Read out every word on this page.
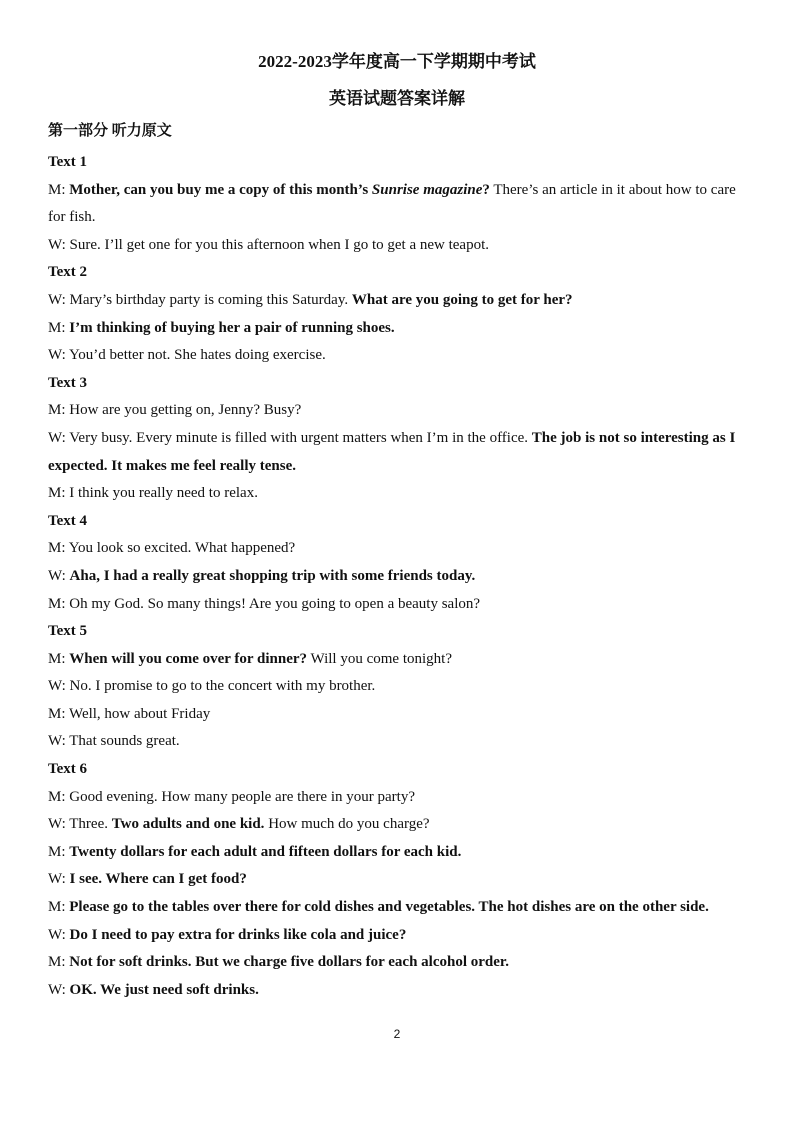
2022-2023学年度高一下学期期中考试
英语试题答案详解
第一部分 听力原文

Text 1

M: Mother, can you buy me a copy of this month’s Sunrise magazine? There’s an article in it about how to care for fish.

W: Sure. I’ll get one for you this afternoon when I go to get a new teapot.

Text 2

W: Mary’s birthday party is coming this Saturday. What are you going to get for her?

M: I’m thinking of buying her a pair of running shoes.

W: You’d better not. She hates doing exercise.

Text 3

M: How are you getting on, Jenny? Busy?

W: Very busy. Every minute is filled with urgent matters when I’m in the office. The job is not so interesting as I expected. It makes me feel really tense.

M: I think you really need to relax.

Text 4

M: You look so excited. What happened?

W: Aha, I had a really great shopping trip with some friends today.

M: Oh my God. So many things! Are you going to open a beauty salon?

Text 5

M: When will you come over for dinner? Will you come tonight?

W: No. I promise to go to the concert with my brother.

M: Well, how about Friday

W: That sounds great.

Text 6

M: Good evening. How many people are there in your party?

W: Three. Two adults and one kid. How much do you charge?

M: Twenty dollars for each adult and fifteen dollars for each kid.

W: I see. Where can I get food?

M: Please go to the tables over there for cold dishes and vegetables. The hot dishes are on the other side.

W: Do I need to pay extra for drinks like cola and juice?

M: Not for soft drinks. But we charge five dollars for each alcohol order.

W: OK. We just need soft drinks.

2
